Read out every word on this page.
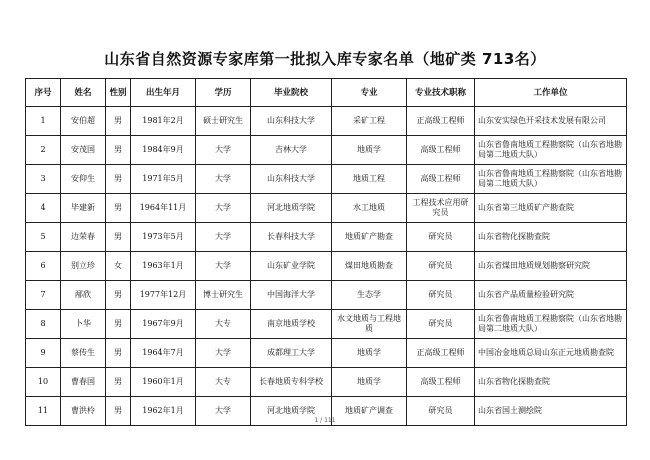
山东省自然资源专家库第一批拟入库专家名单（地矿类 713名）
序号	姓名	性别	出生年月	学历	毕业院校	专业	专业技术职称	工作单位
1	安伯超	男	1981年2月	硕士研究生	山东科技大学	采矿工程	正高级工程师	山东安实绿色开采技术发展有限公司
2	安茂国	男	1984年9月	大学	吉林大学	地质学	高级工程师	山东省鲁南地质工程勘察院（山东省地勘局第二地质大队）
3	安仰生	男	1971年5月	大学	山东科技大学	地质工程	高级工程师	山东省鲁南地质工程勘察院（山东省地勘局第二地质大队）
4	毕建新	男	1964年11月	大学	河北地质学院	水工地质	工程技术应用研究员	山东省第三地质矿产勘查院
5	边荣春	男	1973年5月	大学	长春科技大学	地质矿产勘查	研究员	山东省物化探勘查院
6	别立珍	女	1963年1月	大学	山东矿业学院	煤田地质勘查	研究员	山东省煤田地质规划勘察研究院
7	邴欣	男	1977年12月	博士研究生	中国海洋大学	生态学	研究员	山东省产品质量检验研究院
8	卜华	男	1967年9月	大专	南京地质学校	水文地质与工程地质	研究员	山东省鲁南地质工程勘察院（山东省地勘局第二地质大队）
9	蔡传生	男	1964年7月	大学	成都理工大学	地质学	正高级工程师	中国冶金地质总局山东正元地质勘查院
10	曹春国	男	1960年1月	大专	长春地质专科学校	地质学	高级工程师	山东省物化探勘查院
11	曹洪柃	男	1962年1月	大学	河北地质学院	地质矿产调查	研究员	山东省国土测绘院
1 / 111
